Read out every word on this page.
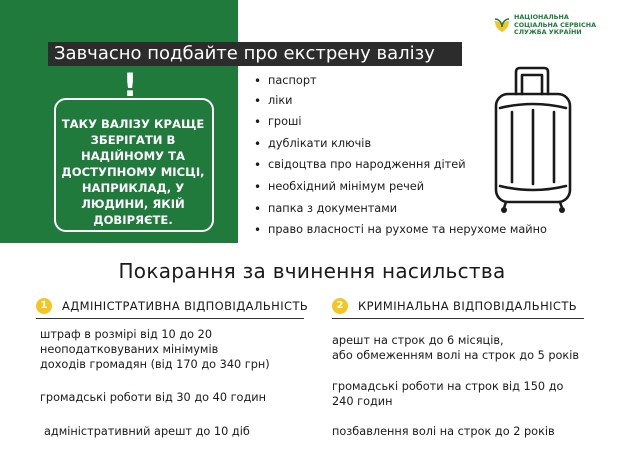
Завчасно подбайте про екстрену валізу
!
ТАКУ ВАЛІЗУ КРАЩЕ ЗБЕРІГАТИ В НАДІЙНОМУ ТА ДОСТУПНОМУ МІСЦІ, НАПРИКЛАД, У ЛЮДИНИ, ЯКІЙ ДОВІРЯЄТЕ.
НАЦІОНАЛЬНА
СОЦІАЛЬНА СЕРВІСНА
СЛУЖБА УКРАЇНИ
• паспорт
• ліки
• гроші
• дублікати ключів
• свідоцтва про народження дітей
• необхідний мінімум речей
• папка з документами
• право власності на рухоме та нерухоме майно
Покарання за вчинення насильства
1	АДМІНІСТРАТИВНА ВІДПОВІДАЛЬНІСТЬ	2	КРИМІНАЛЬНА ВІДПОВІДАЛЬНІСТЬ
штраф в розмірі від 10 до 20
неоподатковуваних мінімумів
доходів громадян (від 170 до 340 грн)
громадські роботи від 30 до 40 годин
адміністративний арешт до 10 діб
арешт на строк до 6 місяців,
або обмеженням волі на строк до 5 років
громадські роботи на строк від 150 до
240 годин
позбавлення волі на строк до 2 років
